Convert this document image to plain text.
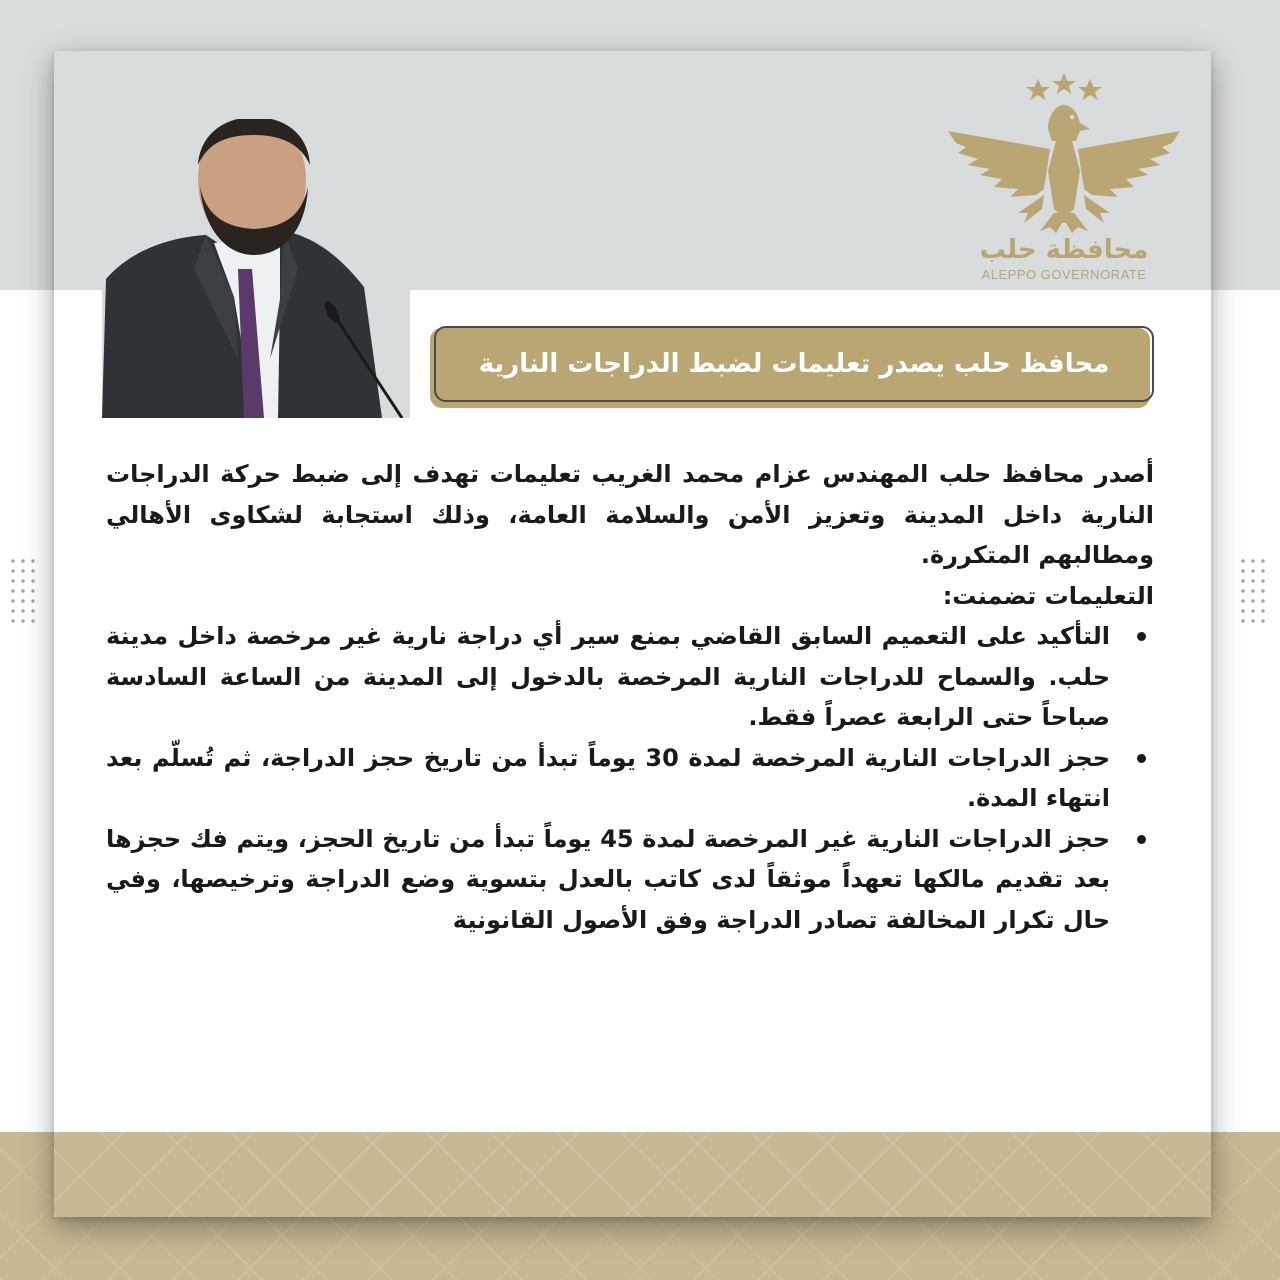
محافظة حلب
ALEPPO GOVERNORATE
محافظ حلب يصدر تعليمات لضبط الدراجات النارية

أصدر محافظ حلب المهندس عزام محمد الغريب تعليمات تهدف إلى ضبط حركة الدراجات النارية داخل المدينة وتعزيز الأمن والسلامة العامة، وذلك استجابة لشكاوى الأهالي ومطالبهم المتكررة.

التعليمات تضمنت:

التأكيد على التعميم السابق القاضي بمنع سير أي دراجة نارية غير مرخصة داخل مدينة حلب. والسماح للدراجات النارية المرخصة بالدخول إلى المدينة من الساعة السادسة صباحاً حتى الرابعة عصراً فقط.
حجز الدراجات النارية المرخصة لمدة 30 يوماً تبدأ من تاريخ حجز الدراجة، ثم تُسلّم بعد انتهاء المدة.
حجز الدراجات النارية غير المرخصة لمدة 45 يوماً تبدأ من تاريخ الحجز، ويتم فك حجزها بعد تقديم مالكها تعهداً موثقاً لدى كاتب بالعدل بتسوية وضع الدراجة وترخيصها، وفي حال تكرار المخالفة تصادر الدراجة وفق الأصول القانونية
